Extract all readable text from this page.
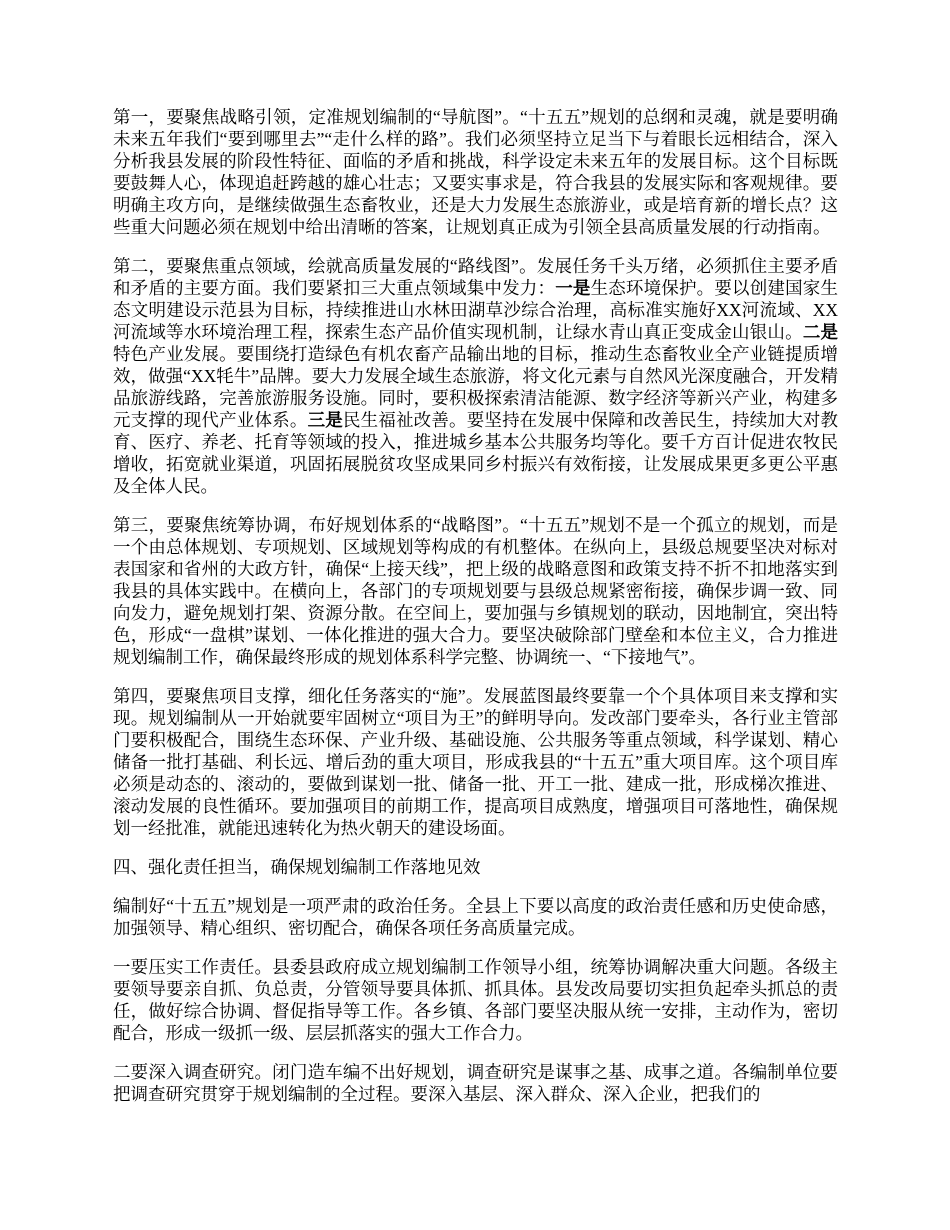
第一，要聚焦战略引领，定准规划编制的“导航图”。“十五五”规划的总纲和灵魂，就是要明确未来五年我们“要到哪里去”“走什么样的路”。我们必须坚持立足当下与着眼长远相结合，深入分析我县发展的阶段性特征、面临的矛盾和挑战，科学设定未来五年的发展目标。这个目标既要鼓舞人心，体现追赶跨越的雄心壮志；又要实事求是，符合我县的发展实际和客观规律。要明确主攻方向，是继续做强生态畜牧业，还是大力发展生态旅游业，或是培育新的增长点？这些重大问题必须在规划中给出清晰的答案，让规划真正成为引领全县高质量发展的行动指南。

第二，要聚焦重点领域，绘就高质量发展的“路线图”。发展任务千头万绪，必须抓住主要矛盾和矛盾的主要方面。我们要紧扣三大重点领域集中发力：一是生态环境保护。要以创建国家生态文明建设示范县为目标，持续推进山水林田湖草沙综合治理，高标准实施好XX河流域、XX河流域等水环境治理工程，探索生态产品价值实现机制，让绿水青山真正变成金山银山。二是特色产业发展。要围绕打造绿色有机农畜产品输出地的目标，推动生态畜牧业全产业链提质增效，做强“XX牦牛”品牌。要大力发展全域生态旅游，将文化元素与自然风光深度融合，开发精品旅游线路，完善旅游服务设施。同时，要积极探索清洁能源、数字经济等新兴产业，构建多元支撑的现代产业体系。三是民生福祉改善。要坚持在发展中保障和改善民生，持续加大对教育、医疗、养老、托育等领域的投入，推进城乡基本公共服务均等化。要千方百计促进农牧民增收，拓宽就业渠道，巩固拓展脱贫攻坚成果同乡村振兴有效衔接，让发展成果更多更公平惠及全体人民。

第三，要聚焦统筹协调，布好规划体系的“战略图”。“十五五”规划不是一个孤立的规划，而是一个由总体规划、专项规划、区域规划等构成的有机整体。在纵向上，县级总规要坚决对标对表国家和省州的大政方针，确保“上接天线”，把上级的战略意图和政策支持不折不扣地落实到我县的具体实践中。在横向上，各部门的专项规划要与县级总规紧密衔接，确保步调一致、同向发力，避免规划打架、资源分散。在空间上，要加强与乡镇规划的联动，因地制宜，突出特色，形成“一盘棋”谋划、一体化推进的强大合力。要坚决破除部门壁垒和本位主义，合力推进规划编制工作，确保最终形成的规划体系科学完整、协调统一、“下接地气”。

第四，要聚焦项目支撑，细化任务落实的“施”。发展蓝图最终要靠一个个具体项目来支撑和实现。规划编制从一开始就要牢固树立“项目为王”的鲜明导向。发改部门要牵头，各行业主管部门要积极配合，围绕生态环保、产业升级、基础设施、公共服务等重点领域，科学谋划、精心储备一批打基础、利长远、增后劲的重大项目，形成我县的“十五五”重大项目库。这个项目库必须是动态的、滚动的，要做到谋划一批、储备一批、开工一批、建成一批，形成梯次推进、滚动发展的良性循环。要加强项目的前期工作，提高项目成熟度，增强项目可落地性，确保规划一经批准，就能迅速转化为热火朝天的建设场面。

四、强化责任担当，确保规划编制工作落地见效

编制好“十五五”规划是一项严肃的政治任务。全县上下要以高度的政治责任感和历史使命感，加强领导、精心组织、密切配合，确保各项任务高质量完成。

一要压实工作责任。县委县政府成立规划编制工作领导小组，统筹协调解决重大问题。各级主要领导要亲自抓、负总责，分管领导要具体抓、抓具体。县发改局要切实担负起牵头抓总的责任，做好综合协调、督促指导等工作。各乡镇、各部门要坚决服从统一安排，主动作为，密切配合，形成一级抓一级、层层抓落实的强大工作合力。

二要深入调查研究。闭门造车编不出好规划，调查研究是谋事之基、成事之道。各编制单位要把调查研究贯穿于规划编制的全过程。要深入基层、深入群众、深入企业，把我们的
